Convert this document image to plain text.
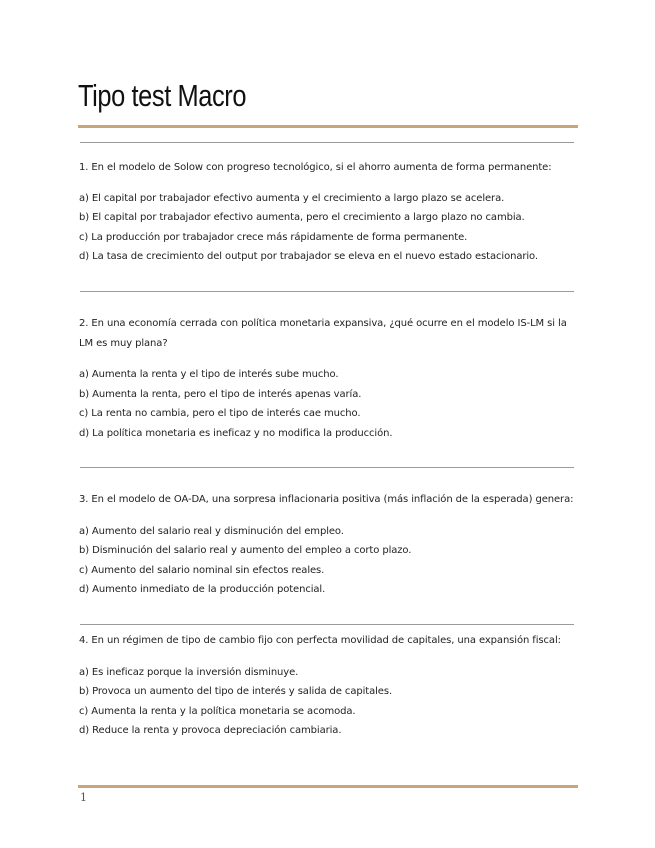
Tipo test Macro
1. En el modelo de Solow con progreso tecnológico, si el ahorro aumenta de forma permanente:
a) El capital por trabajador efectivo aumenta y el crecimiento a largo plazo se acelera.
b) El capital por trabajador efectivo aumenta, pero el crecimiento a largo plazo no cambia.
c) La producción por trabajador crece más rápidamente de forma permanente.
d) La tasa de crecimiento del output por trabajador se eleva en el nuevo estado estacionario.
2. En una economía cerrada con política monetaria expansiva, ¿qué ocurre en el modelo IS-LM si la
LM es muy plana?
a) Aumenta la renta y el tipo de interés sube mucho.
b) Aumenta la renta, pero el tipo de interés apenas varía.
c) La renta no cambia, pero el tipo de interés cae mucho.
d) La política monetaria es ineficaz y no modifica la producción.
3. En el modelo de OA-DA, una sorpresa inflacionaria positiva (más inflación de la esperada) genera:
a) Aumento del salario real y disminución del empleo.
b) Disminución del salario real y aumento del empleo a corto plazo.
c) Aumento del salario nominal sin efectos reales.
d) Aumento inmediato de la producción potencial.
4. En un régimen de tipo de cambio fijo con perfecta movilidad de capitales, una expansión fiscal:
a) Es ineficaz porque la inversión disminuye.
b) Provoca un aumento del tipo de interés y salida de capitales.
c) Aumenta la renta y la política monetaria se acomoda.
d) Reduce la renta y provoca depreciación cambiaria.
1
